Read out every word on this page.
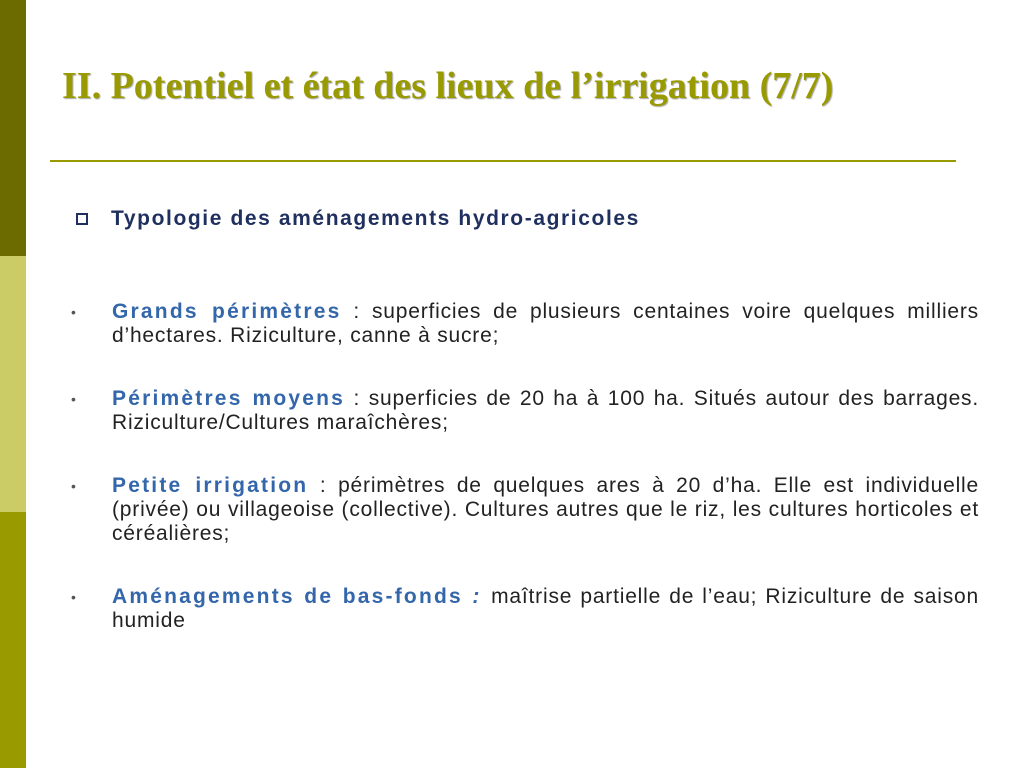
II. Potentiel et état des lieux de l’irrigation (7/7)
Typologie des aménagements hydro-agricoles
• Grands périmètres : superficies de plusieurs centaines voire quelques milliers d’hectares. Riziculture, canne à sucre;
• Périmètres moyens : superficies de 20 ha à 100 ha. Situés autour des barrages. Riziculture/Cultures maraîchères;
• Petite irrigation : périmètres de quelques ares à 20 d’ha. Elle est individuelle (privée) ou villageoise (collective). Cultures autres que le riz, les cultures horticoles et céréalières;
• Aménagements de bas-fonds : maîtrise partielle de l’eau; Riziculture de saison humide
